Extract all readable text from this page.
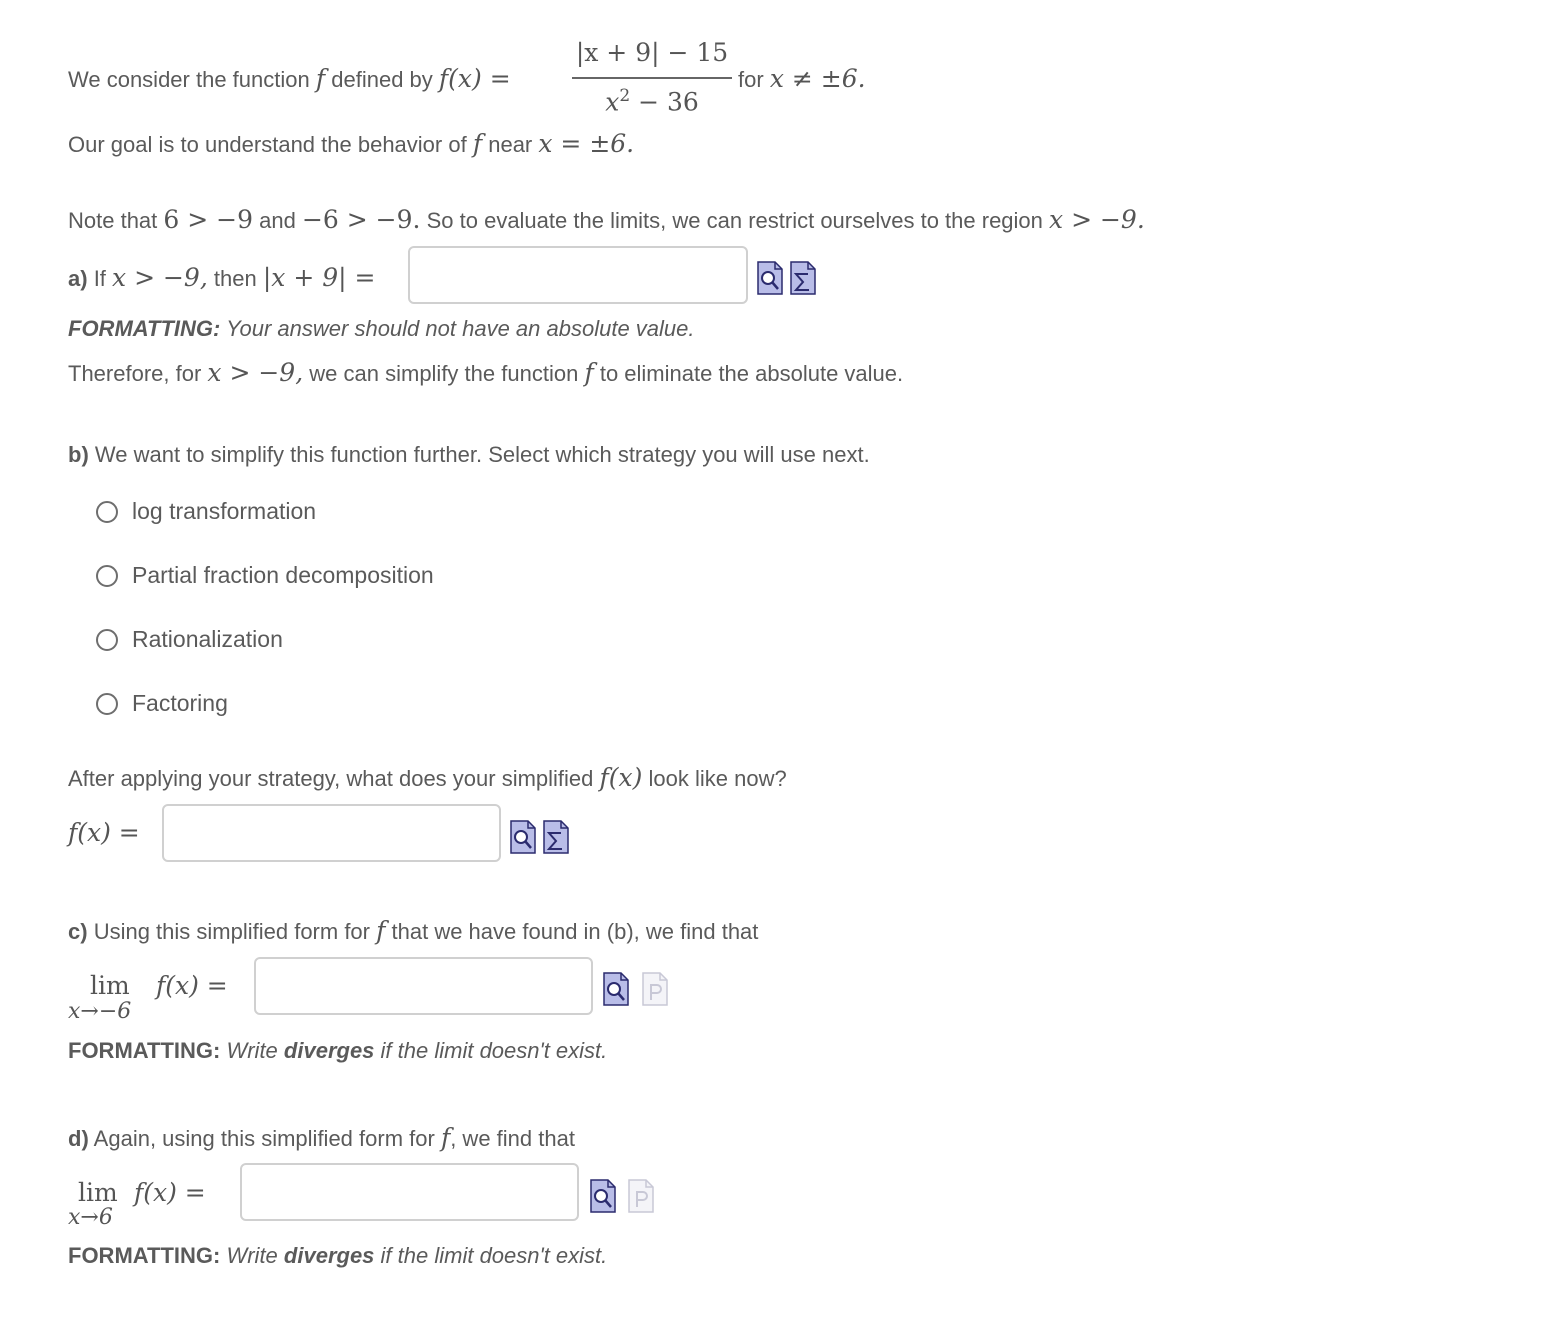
We consider the function f defined by f(x) =
|x + 9| − 15
$x^2 - 36$
for x ≠ ±6.
Our goal is to understand the behavior of f near x = ±6.
Note that 6 > −9 and −6 > −9. So to evaluate the limits, we can restrict ourselves to the region x > −9.
a) If x > −9, then |x + 9| =
FORMATTING: Your answer should not have an absolute value.
Therefore, for x > −9, we can simplify the function f to eliminate the absolute value.
b) We want to simplify this function further. Select which strategy you will use next.
log transformation
Partial fraction decomposition
Rationalization
Factoring
After applying your strategy, what does your simplified f(x) look like now?
f(x) =
c) Using this simplified form for f that we have found in (b), we find that
lim
x→−6
f(x) =
FORMATTING: Write diverges if the limit doesn't exist.
d) Again, using this simplified form for f, we find that
lim
x→6
f(x) =
FORMATTING: Write diverges if the limit doesn't exist.
